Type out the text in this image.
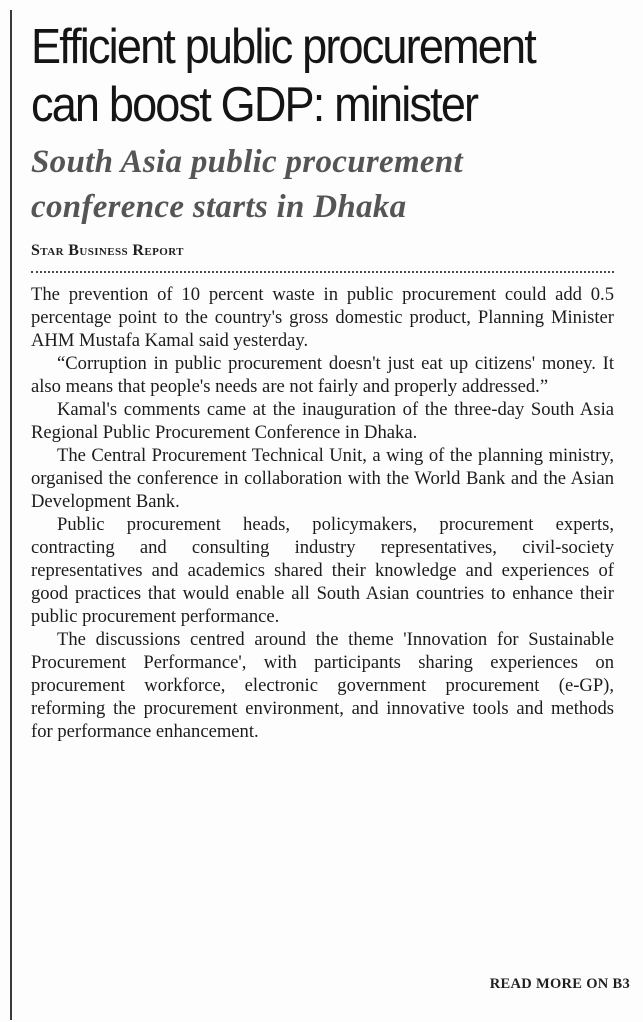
Efficient public procurement
can boost GDP: minister
South Asia public procurement
conference starts in Dhaka
Star Business Report

The prevention of 10 percent waste in public procurement could add 0.5 percentage point to the country's gross domestic product, Planning Minister AHM Mustafa Kamal said yesterday.

“Corruption in public procurement doesn't just eat up citizens' money. It also means that people's needs are not fairly and properly addressed.”

Kamal's comments came at the inauguration of the three-day South Asia Regional Public Procurement Conference in Dhaka.

The Central Procurement Technical Unit, a wing of the planning ministry, organised the conference in collaboration with the World Bank and the Asian Development Bank.

Public procurement heads, policymakers, procurement experts, contracting and consulting industry representatives, civil-society representatives and academics shared their knowledge and experiences of good practices that would enable all South Asian countries to enhance their public procurement performance.

The discussions centred around the theme 'Innovation for Sustainable Procurement Performance', with participants sharing experiences on procurement workforce, electronic government procurement (e-GP), reforming the procurement environment, and innovative tools and methods for performance enhancement.

READ MORE ON B3
